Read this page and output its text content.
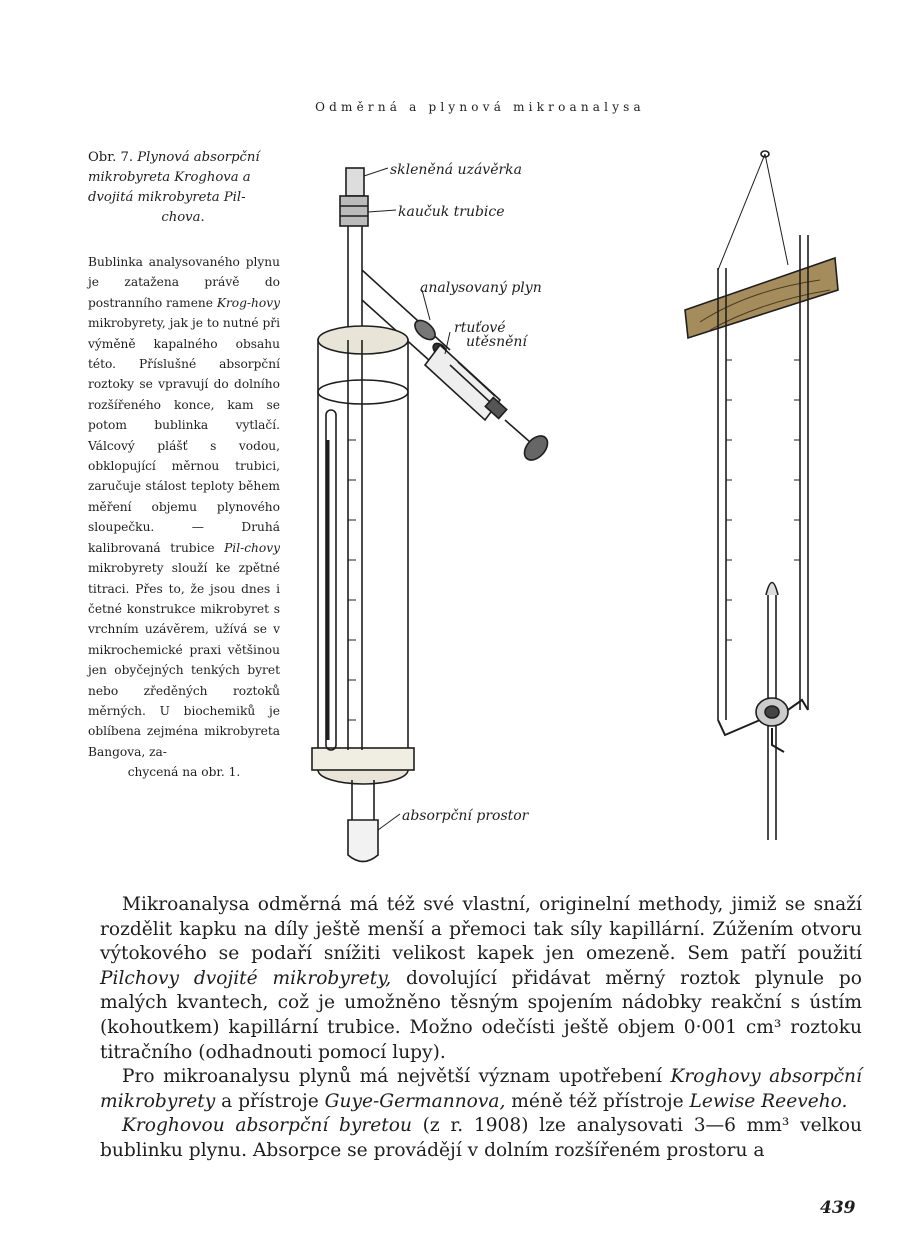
Odměrná a plynová mikroanalysa

Obr. 7. Plynová absorpční

mikrobyreta Kroghova a

dvojitá mikrobyreta Pil-

chova.

Bublinka analysovaného plynu je zatažena právě do postranního ramene Krog-hovy mikrobyrety, jak je to nutné při výměně kapalného obsahu této. Příslušné absorpční roztoky se vpravují do dolního rozšířeného konce, kam se potom bublinka vytlačí. Válcový plášť s vodou, obklopující měrnou trubici, zaručuje stálost teploty během měření objemu plynového sloupečku. — Druhá kalibrovaná trubice Pil-chovy mikrobyrety slouží ke zpětné titraci. Přes to, že jsou dnes i četné konstrukce mikrobyret s vrchním uzávěrem, užívá se v mikrochemické praxi většinou jen obyčejných tenkých byret nebo zředěných roztoků měrných. U biochemiků je oblíbena zejména mikrobyreta Bangova, za-
chycená na obr. 1.
skleněná uzávěrka
kaučuk trubice
analysovaný plyn
rtuťové
utěsnění
absorpční prostor

Mikroanalysa odměrná má též své vlastní, originelní methody, jimiž se snaží rozdělit kapku na díly ještě menší a přemoci tak síly kapillární. Zúžením otvoru výtokového se podaří snížiti velikost kapek jen omezeně. Sem patří použití Pilchovy dvojité mikrobyrety, dovolující přidávat měrný roztok plynule po malých kvantech, což je umožněno těsným spojením nádobky reakční s ústím (kohoutkem) kapillární trubice. Možno odečísti ještě objem 0·001 cm³ roztoku titračního (odhadnouti pomocí lupy).

Pro mikroanalysu plynů má největší význam upotřebení Kroghovy absorpční mikrobyrety a přístroje Guye-Germannova, méně též přístroje Lewise Reeveho.

Kroghovou absorpční byretou (z r. 1908) lze analysovati 3—6 mm³ velkou bublinku plynu. Absorpce se provádějí v dolním rozšířeném prostoru a

439
